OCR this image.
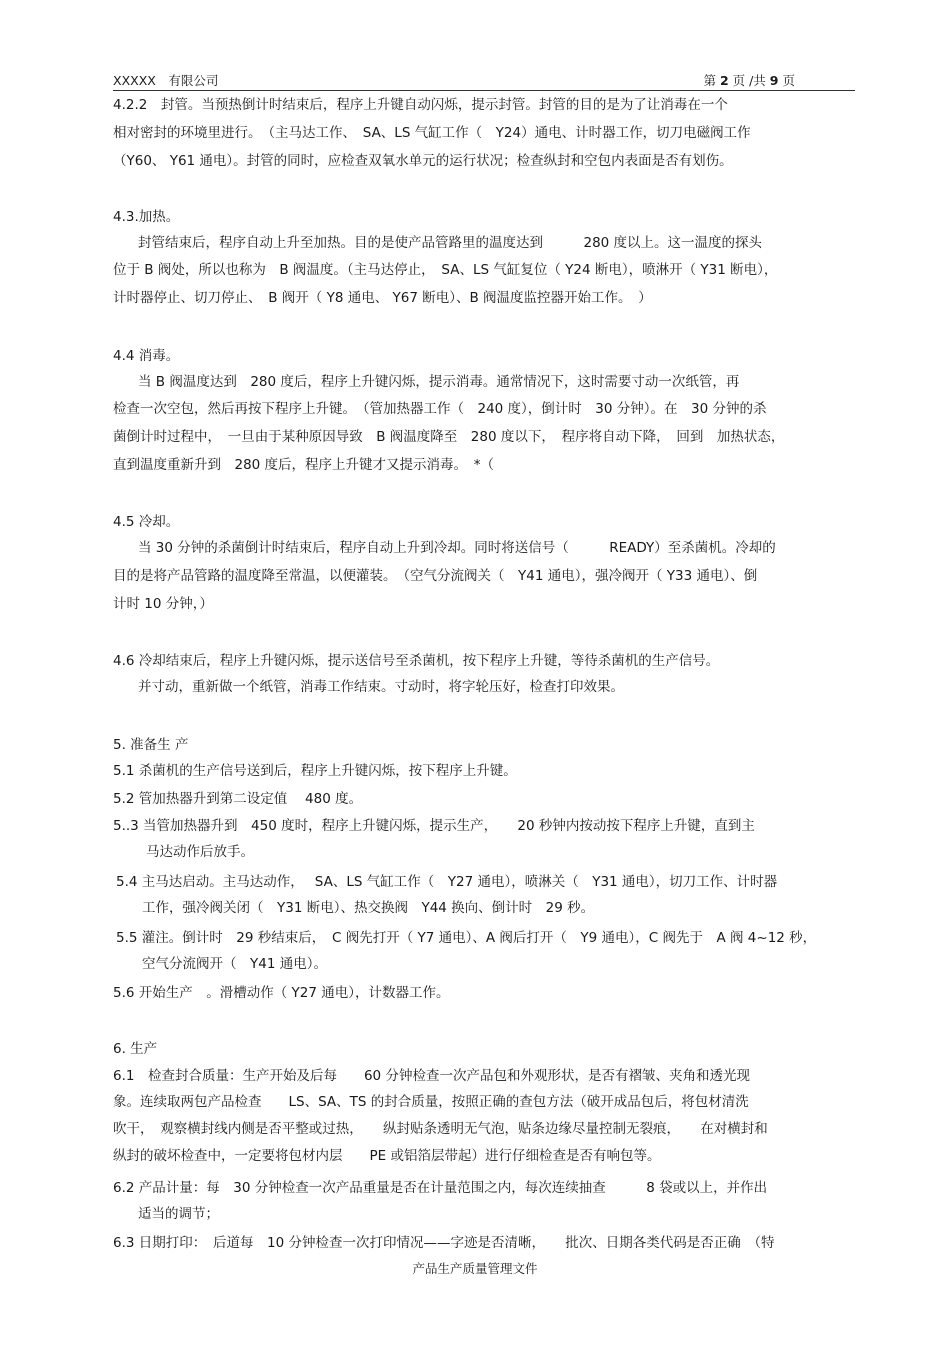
XXXXX　有限公司	第 2 页 /共 9 页
4.2.2　封管。当预热倒计时结束后，程序上升键自动闪烁，提示封管。封管的目的是为了让消毒在一个
相对密封的环境里进行。　（主马达工作、　SA、LS 气缸工作（　Y24）通电、计时器工作，切刀电磁阀工作
（Y60、 Y61 通电）。封管的同时，应检查双氧水单元的运行状况；检查纵封和空包内表面是否有划伤。
4.3.加热。
封管结束后，程序自动上升至加热。目的是使产品管路里的温度达到　　　280 度以上。这一温度的探头
位于 B 阀处，所以也称为　B 阀温度。（主马达停止，　SA、LS 气缸复位（ Y24 断电），喷淋开（ Y31 断电），
计时器停止、切刀停止、　B 阀开（ Y8 通电、 Y67 断电）、B 阀温度监控器开始工作。　）
4.4 消毒。
当 B 阀温度达到　280 度后，程序上升键闪烁，提示消毒。通常情况下，这时需要寸动一次纸管，再
检查一次空包，然后再按下程序上升键。　（管加热器工作（　240 度），倒计时　30 分钟）。在　30 分钟的杀
菌倒计时过程中，　一旦由于某种原因导致　B 阀温度降至　280 度以下，　程序将自动下降，　回到　加热状态，
直到温度重新升到　280 度后，程序上升键才又提示消毒。　*（
4.5 冷却。
当 30 分钟的杀菌倒计时结束后，程序自动上升到冷却。同时将送信号（　　　READY）至杀菌机。冷却的
目的是将产品管路的温度降至常温，以便灌装。　（空气分流阀关（　Y41 通电），强冷阀开（ Y33 通电）、倒
计时 10 分钟，）
4.6 冷却结束后，程序上升键闪烁，提示送信号至杀菌机，按下程序上升键，等待杀菌机的生产信号。
并寸动，重新做一个纸管，消毒工作结束。寸动时，将字轮压好，检查打印效果。
5. 准备生 产
5.1 杀菌机的生产信号送到后，程序上升键闪烁，按下程序上升键。
5.2 管加热器升到第二设定值　 480 度。
5..3 当管加热器升到　450 度时，程序上升键闪烁，提示生产，　　20 秒钟内按动按下程序上升键，直到主
马达动作后放手。
5.4 主马达启动。主马达动作，　 SA、LS 气缸工作（　Y27 通电），喷淋关（　Y31 通电），切刀工作、计时器
工作，强冷阀关闭（　Y31 断电）、热交换阀　Y44 换向、倒计时　29 秒。
5.5 灌注。倒计时　29 秒结束后，　C 阀先打开（ Y7 通电）、A 阀后打开（　Y9 通电），C 阀先于　A 阀 4~12 秒，
空气分流阀开（　Y41 通电）。
5.6 开始生产　。滑槽动作（ Y27 通电），计数器工作。
6. 生产
6.1　检查封合质量：生产开始及后每　　60 分钟检查一次产品包和外观形状，是否有褶皱、夹角和透光现
象。连续取两包产品检查　　LS、SA、TS 的封合质量，按照正确的查包方法（破开成品包后，将包材清洗
吹干，　观察横封线内侧是否平整或过热，　　纵封贴条透明无气泡，贴条边缘尽量控制无裂痕，　　在对横封和
纵封的破坏检查中，一定要将包材内层　　PE 或铝箔层带起）进行仔细检查是否有响包等。
6.2 产品计量：每　30 分钟检查一次产品重量是否在计量范围之内，每次连续抽查　　　8 袋或以上，并作出
适当的调节；
6.3 日期打印：　后道每　10 分钟检查一次打印情况——字迹是否清晰，　　批次、日期各类代码是否正确　（特
产品生产质量管理文件
